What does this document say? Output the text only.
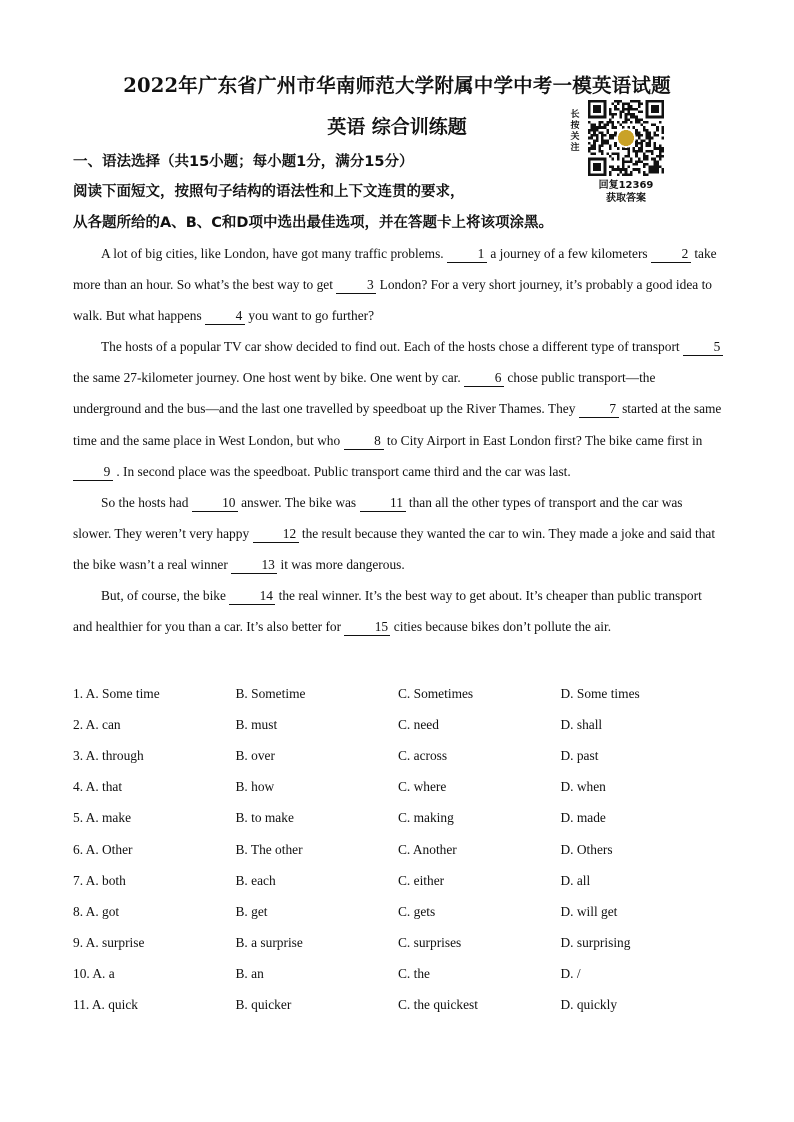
2022年广东省广州市华南师范大学附属中学中考一模英语试题
英语 综合训练题
长按关注
回复12369
获取答案
一、语法选择（共15小题；每小题1分，满分15分）
阅读下面短文，按照句子结构的语法性和上下文连贯的要求，
从各题所给的A、B、C和D项中选出最佳选项，并在答题卡上将该项涂黑。

A lot of big cities, like London, have got many traffic problems. 1 a journey of a few kilometers 2 take more than an hour. So what’s the best way to get 3 London? For a very short journey, it’s probably a good idea to walk. But what happens 4 you want to go further?

The hosts of a popular TV car show decided to find out. Each of the hosts chose a different type of transport 5 the same 27-kilometer journey. One host went by bike. One went by car. 6 chose public transport—the underground and the bus—and the last one travelled by speedboat up the River Thames. They 7 started at the same time and the same place in West London, but who 8 to City Airport in East London first? The bike came first in 9 . In second place was the speedboat. Public transport came third and the car was last.

So the hosts had 10 answer. The bike was 11 than all the other types of transport and the car was slower. They weren’t very happy 12 the result because they wanted the car to win. They made a joke and said that the bike wasn’t a real winner 13 it was more dangerous.

But, of course, the bike 14 the real winner. It’s the best way to get about. It’s cheaper than public transport and healthier for you than a car. It’s also better for 15 cities because bikes don’t pollute the air.

1. A. Some time	B. Sometime	C. Sometimes	D. Some times
2. A. can	B. must	C. need	D. shall
3. A. through	B. over	C. across	D. past
4. A. that	B. how	C. where	D. when
5. A. make	B. to make	C. making	D. made
6. A. Other	B. The other	C. Another	D. Others
7. A. both	B. each	C. either	D. all
8. A. got	B. get	C. gets	D. will get
9. A. surprise	B. a surprise	C. surprises	D. surprising
10. A. a	B. an	C. the	D. /
11. A. quick	B. quicker	C. the quickest	D. quickly
